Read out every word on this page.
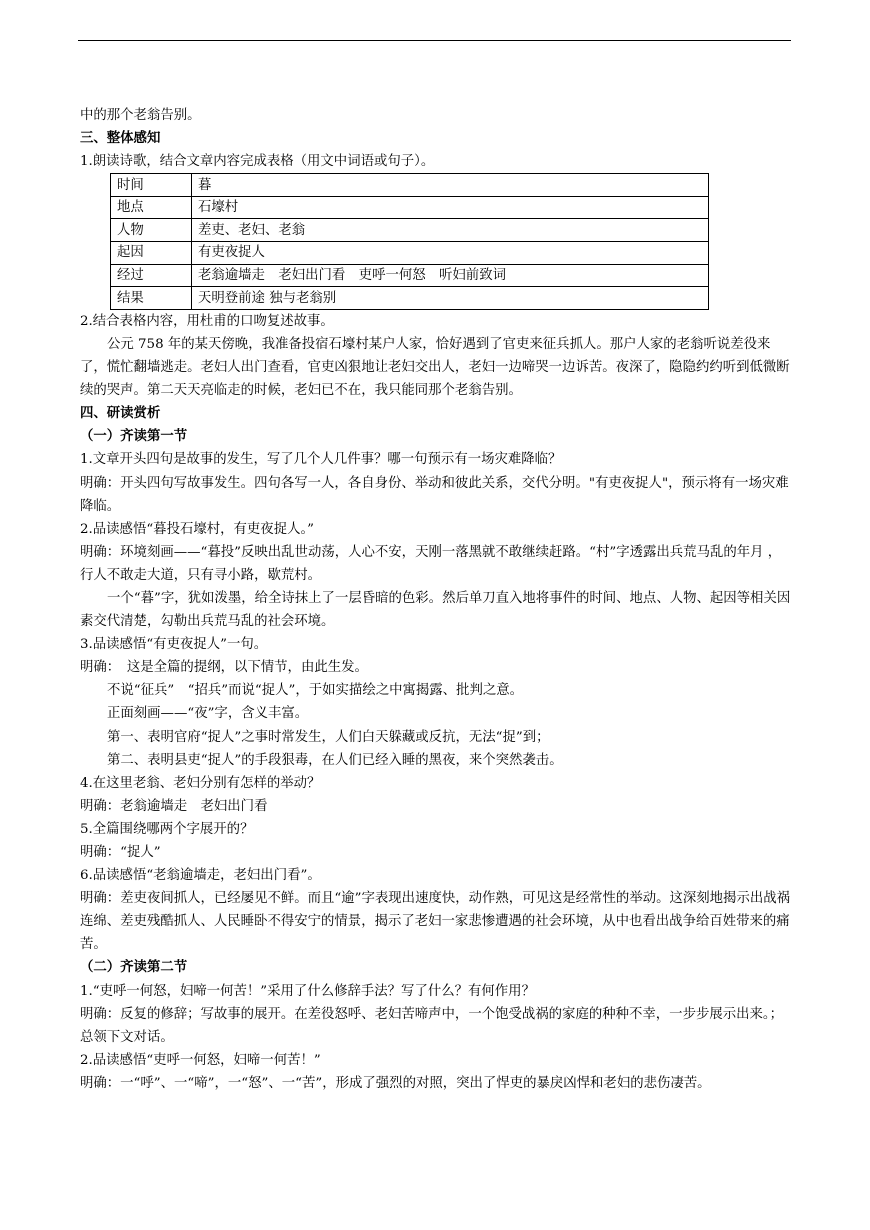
中的那个老翁告别。

三、整体感知

1.朗读诗歌，结合文章内容完成表格（用文中词语或句子）。

时间	暮
地点	石壕村
人物	差吏、老妇、老翁
起因	有吏夜捉人
经过	老翁逾墙走　老妇出门看　吏呼一何怒　听妇前致词
结果	天明登前途 独与老翁别

2.结合表格内容，用杜甫的口吻复述故事。

公元 758 年的某天傍晚，我准备投宿石壕村某户人家，恰好遇到了官吏来征兵抓人。那户人家的老翁听说差役来了，慌忙翻墙逃走。老妇人出门查看，官吏凶狠地让老妇交出人，老妇一边啼哭一边诉苦。夜深了，隐隐约约听到低微断续的哭声。第二天天亮临走的时候，老妇已不在，我只能同那个老翁告别。

四、研读赏析

（一）齐读第一节

1.文章开头四句是故事的发生，写了几个人几件事？哪一句预示有一场灾难降临？

明确：开头四句写故事发生。四句各写一人，各自身份、举动和彼此关系，交代分明。"有吏夜捉人"，预示将有一场灾难降临。

2.品读感悟“暮投石壕村，有吏夜捉人。”

明确：环境刻画——“暮投”反映出乱世动荡，人心不安，天刚一落黑就不敢继续赶路。“村”字透露出兵荒马乱的年月 ，行人不敢走大道，只有寻小路，歇荒村。

一个“暮”字，犹如泼墨，给全诗抹上了一层昏暗的色彩。然后单刀直入地将事件的时间、地点、人物、起因等相关因素交代清楚，勾勒出兵荒马乱的社会环境。

3.品读感悟“有吏夜捉人”一句。

明确：　这是全篇的提纲，以下情节，由此生发。

不说“征兵”　“招兵”而说“捉人”，于如实描绘之中寓揭露、批判之意。

正面刻画——“夜”字，含义丰富。

第一、表明官府“捉人”之事时常发生，人们白天躲藏或反抗，无法“捉”到；

第二、表明县吏“捉人”的手段狠毒，在人们已经入睡的黑夜，来个突然袭击。

4.在这里老翁、老妇分别有怎样的举动？

明确：老翁逾墙走　老妇出门看

5.全篇围绕哪两个字展开的？

明确：“捉人”

6.品读感悟“老翁逾墙走，老妇出门看”。

明确：差吏夜间抓人，已经屡见不鲜。而且“逾”字表现出速度快，动作熟，可见这是经常性的举动。这深刻地揭示出战祸连绵、差吏残酷抓人、人民睡卧不得安宁的情景，揭示了老妇一家悲惨遭遇的社会环境，从中也看出战争给百姓带来的痛苦。

（二）齐读第二节

1.“吏呼一何怒，妇啼一何苦！”采用了什么修辞手法？写了什么？有何作用？

明确：反复的修辞；写故事的展开。在差役怒呼、老妇苦啼声中，一个饱受战祸的家庭的种种不幸，一步步展示出来。；总领下文对话。

2.品读感悟“吏呼一何怒，妇啼一何苦！”

明确：一“呼”、一“啼”，一“怒”、一“苦”，形成了强烈的对照，突出了悍吏的暴戾凶悍和老妇的悲伤凄苦。
